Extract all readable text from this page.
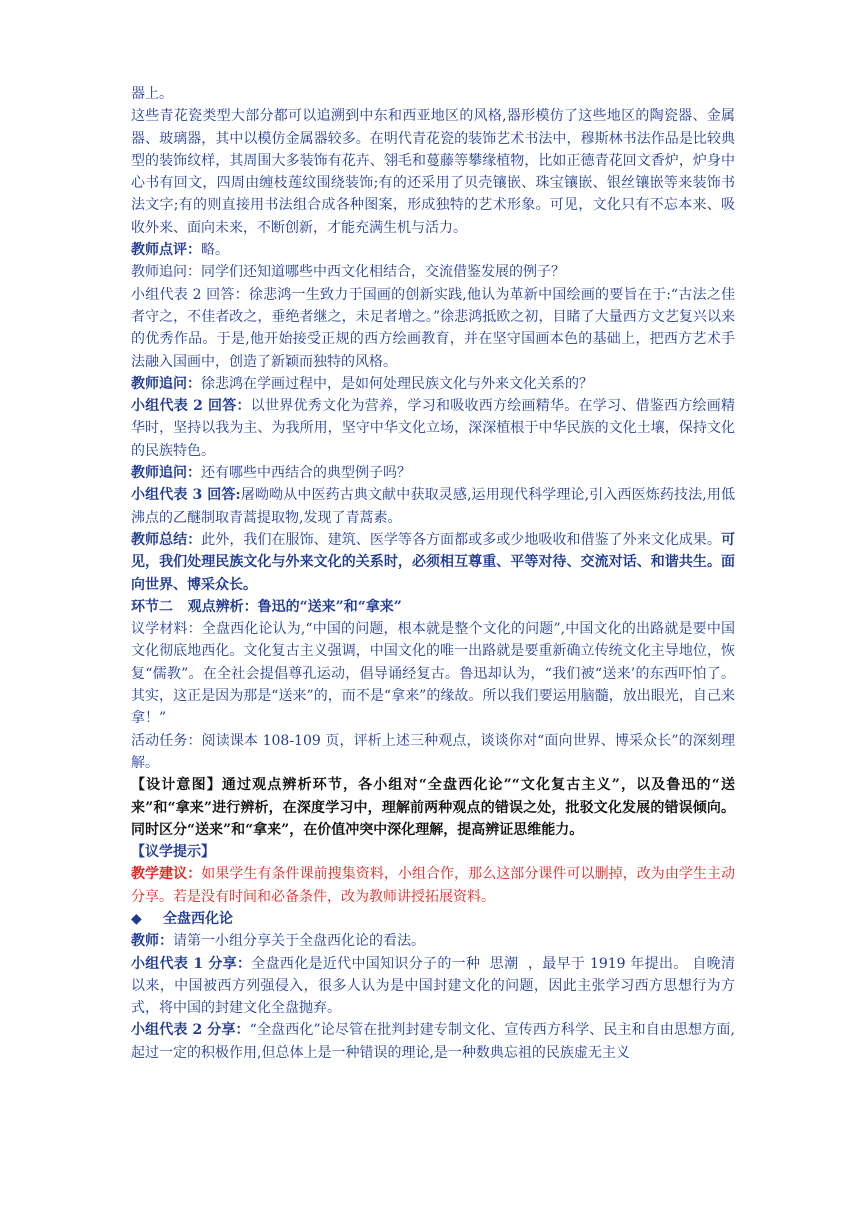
器上。

这些青花瓷类型大部分都可以追溯到中东和西亚地区的风格,器形模仿了这些地区的陶瓷器、金属器、玻璃器，其中以模仿金属器较多。在明代青花瓷的装饰艺术书法中，穆斯林书法作品是比较典型的装饰纹样，其周围大多装饰有花卉、翎毛和蔓藤等攀缘植物，比如正德青花回文香炉，炉身中心书有回文，四周由缠枝莲纹围绕装饰;有的还采用了贝壳镶嵌、珠宝镶嵌、银丝镶嵌等来装饰书法文字;有的则直接用书法组合成各种图案，形成独特的艺术形象。可见，文化只有不忘本来、吸收外来、面向未来，不断创新，才能充满生机与活力。

教师点评：略。

教师追问：同学们还知道哪些中西文化相结合，交流借鉴发展的例子？

小组代表 2 回答：徐悲鸿一生致力于国画的创新实践,他认为革新中国绘画的要旨在于:“古法之佳者守之，不佳者改之，垂绝者继之，未足者增之。”徐悲鸿抵欧之初，目睹了大量西方文艺复兴以来的优秀作品。于是,他开始接受正规的西方绘画教育，并在坚守国画本色的基础上，把西方艺术手法融入国画中，创造了新颖而独特的风格。

教师追问：徐悲鸿在学画过程中，是如何处理民族文化与外来文化关系的？

小组代表 2 回答：以世界优秀文化为营养，学习和吸收西方绘画精华。在学习、借鉴西方绘画精华时，坚持以我为主、为我所用，坚守中华文化立场，深深植根于中华民族的文化土壤，保持文化的民族特色。

教师追问：还有哪些中西结合的典型例子吗？

小组代表 3 回答:屠呦呦从中医药古典文献中获取灵感,运用现代科学理论,引入西医炼药技法,用低沸点的乙醚制取青蒿提取物,发现了青蒿素。

教师总结：此外，我们在服饰、建筑、医学等各方面都或多或少地吸收和借鉴了外来文化成果。可见，我们处理民族文化与外来文化的关系时，必须相互尊重、平等对待、交流对话、和谐共生。面向世界、博采众长。

环节二   观点辨析：鲁迅的“送来”和“拿来”

议学材料：全盘西化论认为,“中国的问题，根本就是整个文化的问题”,中国文化的出路就是要中国文化彻底地西化。文化复古主义强调，中国文化的唯一出路就是要重新确立传统文化主导地位，恢复“儒教”。在全社会提倡尊孔运动，倡导诵经复古。鲁迅却认为，“我们被“送来’的东西吓怕了。其实，这正是因为那是“送来”的，而不是“拿来”的缘故。所以我们要运用脑髓，放出眼光，自己来拿！”

活动任务：阅读课本 108-109 页，评析上述三种观点，谈谈你对“面向世界、博采众长”的深刻理解。

【设计意图】通过观点辨析环节，各小组对“全盘西化论”“文化复古主义”，以及鲁迅的“送来”和“拿来”进行辨析，在深度学习中，理解前两种观点的错误之处，批驳文化发展的错误倾向。同时区分“送来”和“拿来”，在价值冲突中深化理解，提高辨证思维能力。

【议学提示】

教学建议：如果学生有条件课前搜集资料，小组合作，那么这部分课件可以删掉，改为由学生主动分享。若是没有时间和必备条件，改为教师讲授拓展资料。

◆ 全盘西化论

教师：请第一小组分享关于全盘西化论的看法。

小组代表 1 分享：全盘西化是近代中国知识分子的一种  思潮  ，最早于 1919 年提出。 自晚清以来，中国被西方列强侵入，很多人认为是中国封建文化的问题，因此主张学习西方思想行为方式，将中国的封建文化全盘抛弃。

小组代表 2 分享：“全盘西化”论尽管在批判封建专制文化、宣传西方科学、民主和自由思想方面,起过一定的积极作用,但总体上是一种错误的理论,是一种数典忘祖的民族虚无主义
